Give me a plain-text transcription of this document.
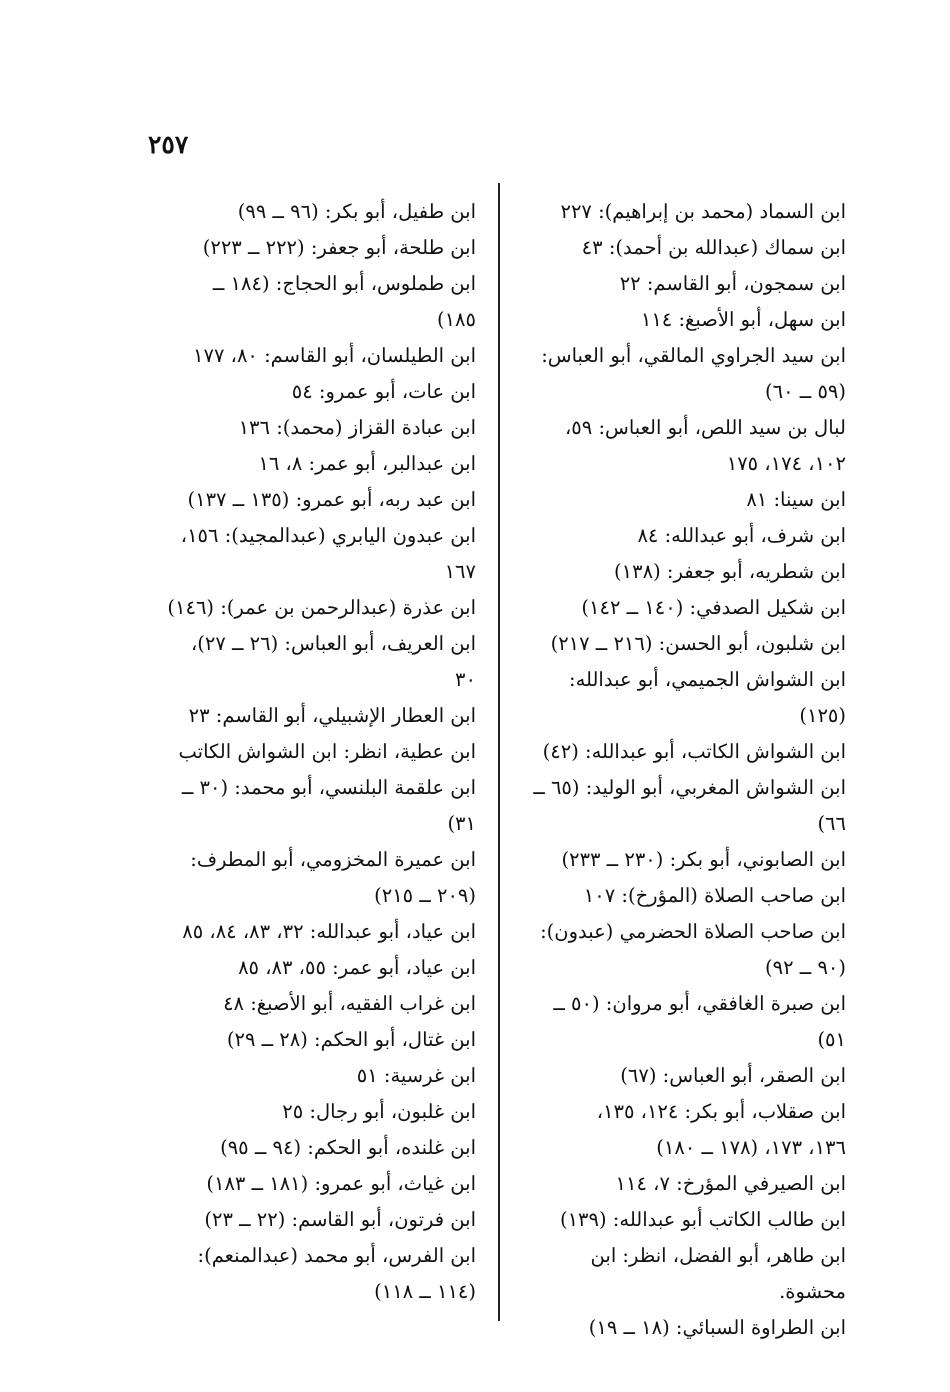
٢٥٧

ابن السماد (محمد بن إبراهيم): ٢٢٧

ابن سماك (عبدالله بن أحمد): ٤٣

ابن سمجون، أبو القاسم: ٢٢

ابن سهل، أبو الأصبغ: ١١٤

ابن سيد الجراوي المالقي، أبو العباس:

(٥٩ ــ ٦٠)

لبال بن سيد اللص، أبو العباس: ٥٩،

١٠٢، ١٧٤، ١٧٥

ابن سينا: ٨١

ابن شرف، أبو عبدالله: ٨٤

ابن شطريه، أبو جعفر: (١٣٨)

ابن شكيل الصدفي: (١٤٠ ــ ١٤٢)

ابن شلبون، أبو الحسن: (٢١٦ ــ ٢١٧)

ابن الشواش الجميمي، أبو عبدالله:

(١٢٥)

ابن الشواش الكاتب، أبو عبدالله: (٤٢)

ابن الشواش المغربي، أبو الوليد: (٦٥ ــ

٦٦)

ابن الصابوني، أبو بكر: (٢٣٠ ــ ٢٣٣)

ابن صاحب الصلاة (المؤرخ): ١٠٧

ابن صاحب الصلاة الحضرمي (عبدون):

(٩٠ ــ ٩٢)

ابن صبرة الغافقي، أبو مروان: (٥٠ ــ

٥١)

ابن الصقر، أبو العباس: (٦٧)

ابن صقلاب، أبو بكر: ١٢٤، ١٣٥،

١٣٦، ١٧٣، (١٧٨ ــ ١٨٠)

ابن الصيرفي المؤرخ: ٧، ١١٤

ابن طالب الكاتب أبو عبدالله: (١٣٩)

ابن طاهر، أبو الفضل، انظر: ابن محشوة.

ابن الطراوة السبائي: (١٨ ــ ١٩)

ابن طفيل، أبو بكر: (٩٦ ــ ٩٩)

ابن طلحة، أبو جعفر: (٢٢٢ ــ ٢٢٣)

ابن طملوس، أبو الحجاج: (١٨٤ ــ

١٨٥)

ابن الطيلسان، أبو القاسم: ٨٠، ١٧٧

ابن عات، أبو عمرو: ٥٤

ابن عبادة القزاز (محمد): ١٣٦

ابن عبدالبر، أبو عمر: ٨، ١٦

ابن عبد ربه، أبو عمرو: (١٣٥ ــ ١٣٧)

ابن عبدون اليابري (عبدالمجيد): ١٥٦،

١٦٧

ابن عذرة (عبدالرحمن بن عمر): (١٤٦)

ابن العريف، أبو العباس: (٢٦ ــ ٢٧)،

٣٠

ابن العطار الإشبيلي، أبو القاسم: ٢٣

ابن عطية، انظر: ابن الشواش الكاتب

ابن علقمة البلنسي، أبو محمد: (٣٠ ــ

٣١)

ابن عميرة المخزومي، أبو المطرف:

(٢٠٩ ــ ٢١٥)

ابن عياد، أبو عبدالله: ٣٢، ٨٣، ٨٤، ٨٥

ابن عياد، أبو عمر: ٥٥، ٨٣، ٨٥

ابن غراب الفقيه، أبو الأصبغ: ٤٨

ابن غتال، أبو الحكم: (٢٨ ــ ٢٩)

ابن غرسية: ٥١

ابن غلبون، أبو رجال: ٢٥

ابن غلنده، أبو الحكم: (٩٤ ــ ٩٥)

ابن غياث، أبو عمرو: (١٨١ ــ ١٨٣)

ابن فرتون، أبو القاسم: (٢٢ ــ ٢٣)

ابن الفرس، أبو محمد (عبدالمنعم):

(١١٤ ــ ١١٨)
